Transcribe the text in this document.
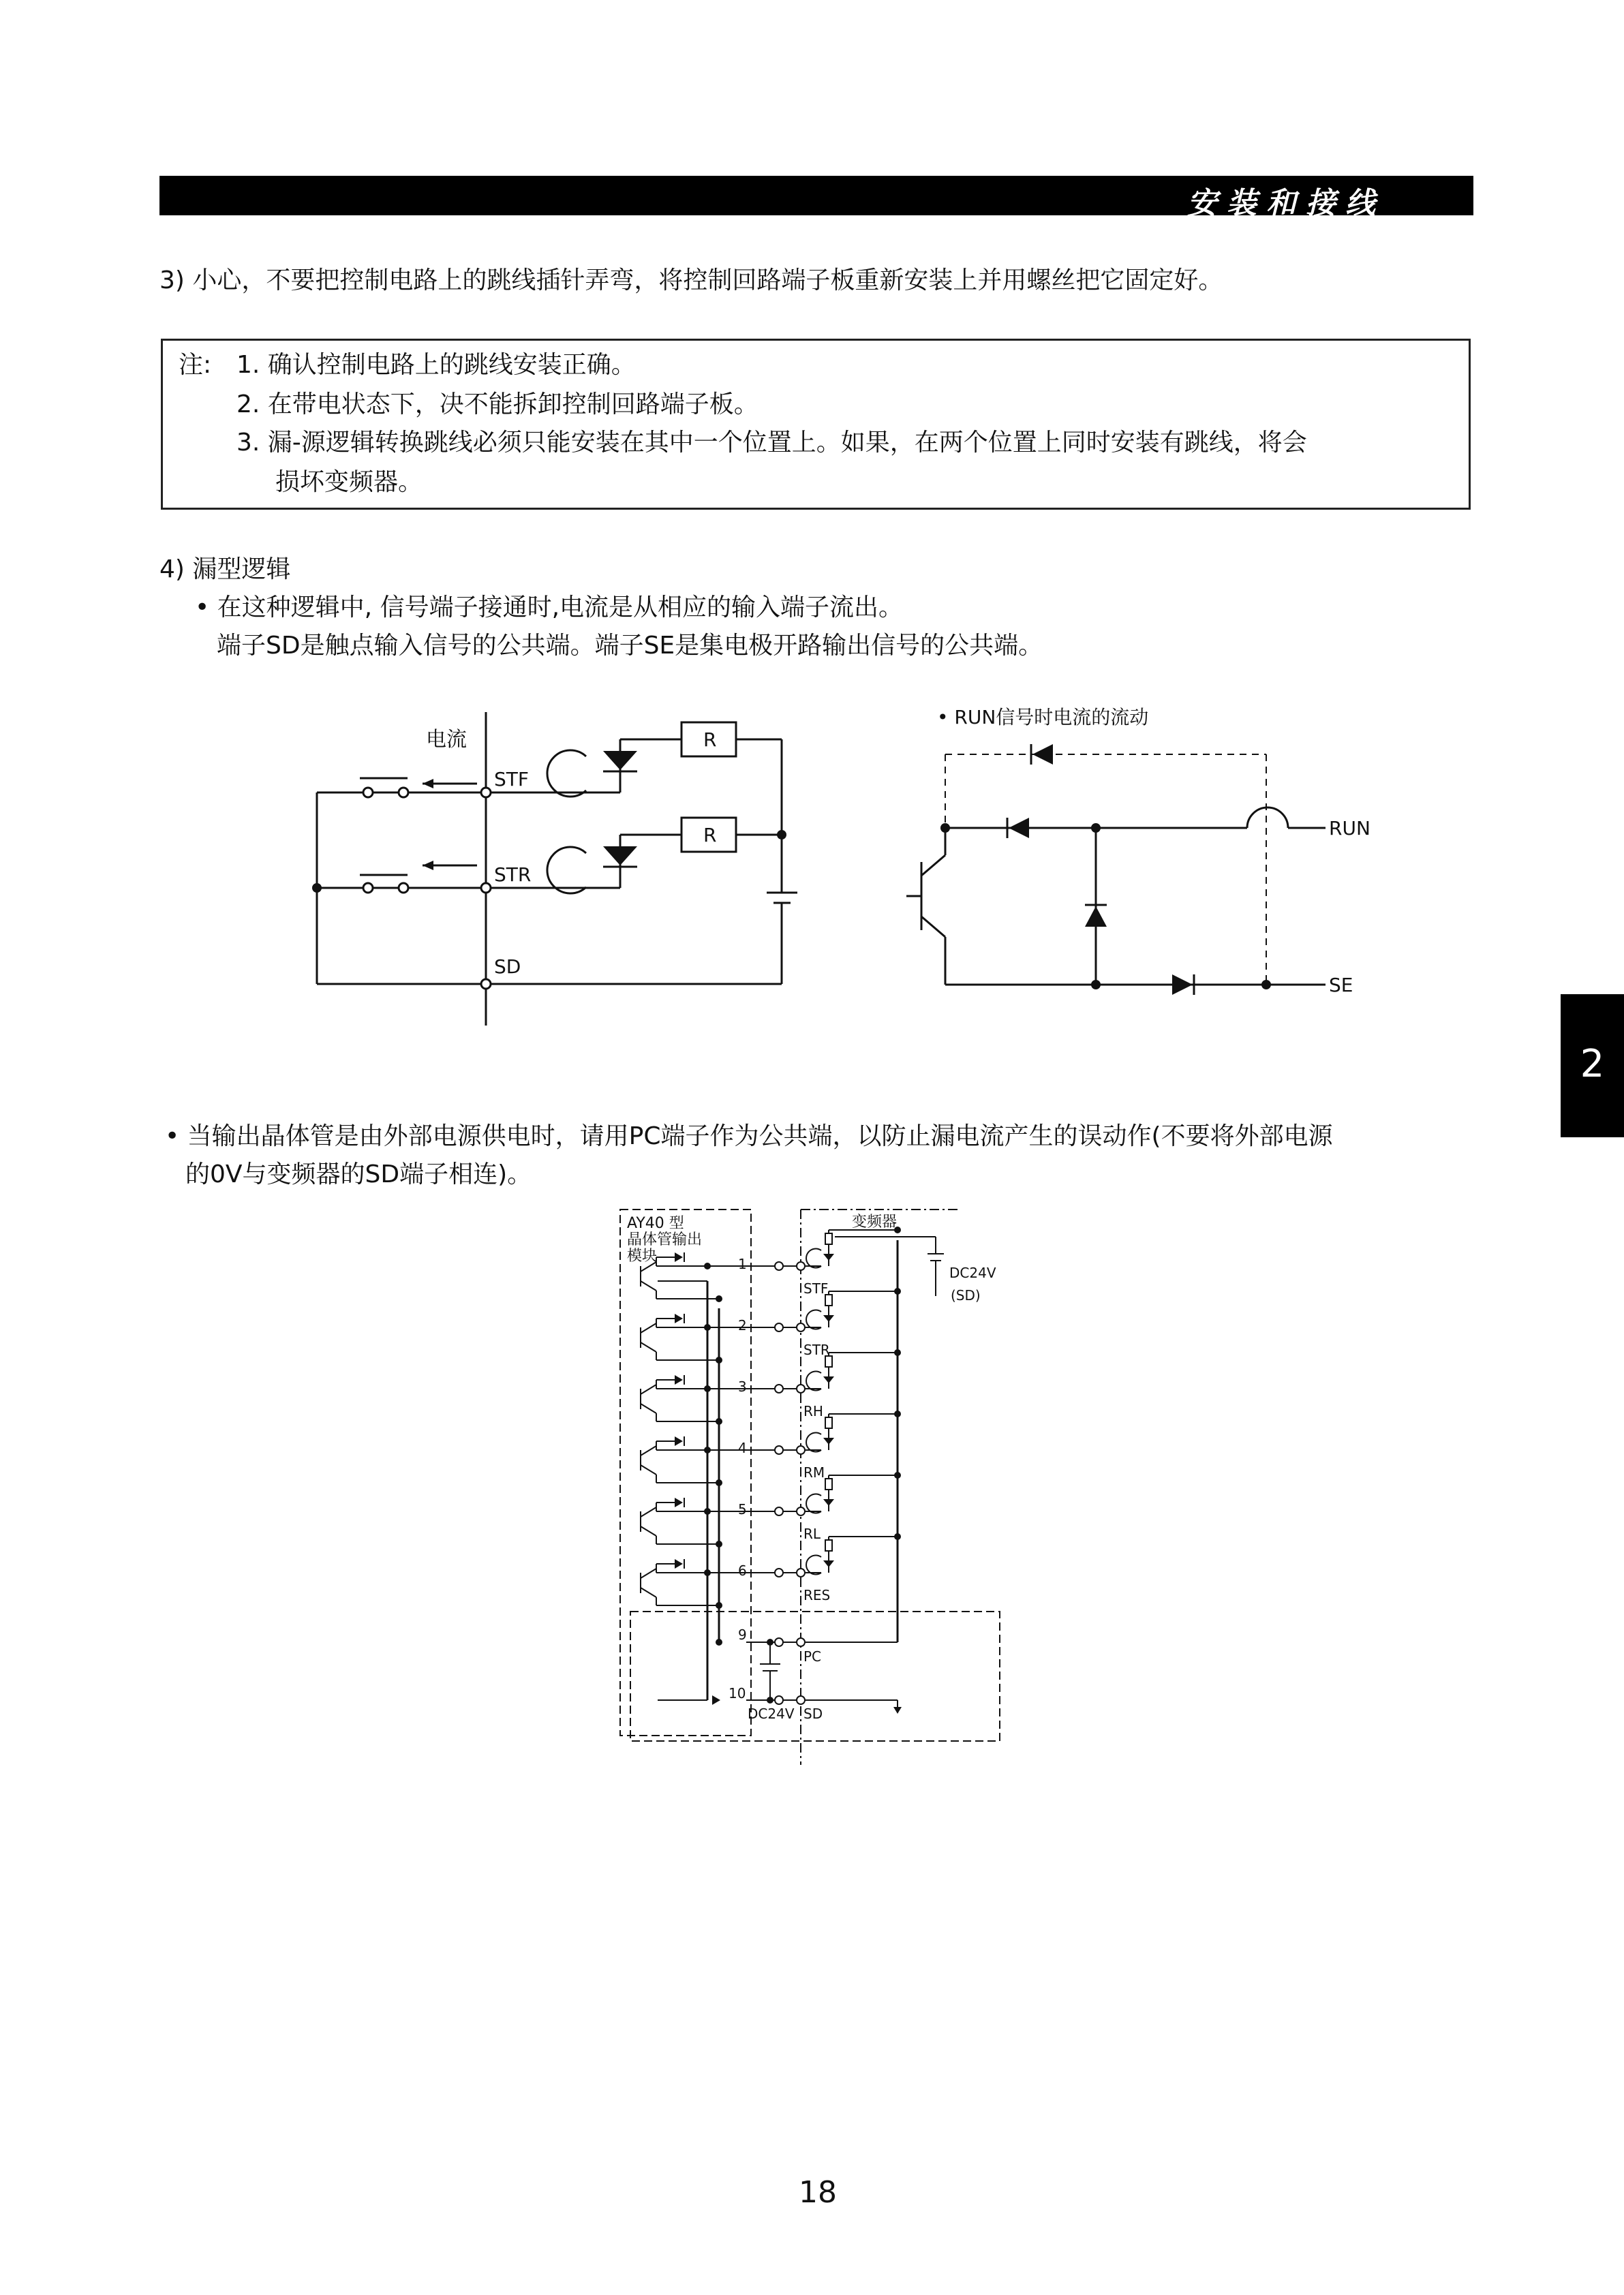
安装和接线
3) 小心，不要把控制电路上的跳线插针弄弯，将控制回路端子板重新安装上并用螺丝把它固定好。
注: 1. 确认控制电路上的跳线安装正确。
2. 在带电状态下，决不能拆卸控制回路端子板。
3. 漏-源逻辑转换跳线必须只能安装在其中一个位置上。如果，在两个位置上同时安装有跳线，将会
损坏变频器。
4) 漏型逻辑
• 在这种逻辑中, 信号端子接通时,电流是从相应的输入端子流出。
端子SD是触点输入信号的公共端。端子SE是集电极开路输出信号的公共端。
电流
STF
STR
SD
R
R
• RUN信号时电流的流动
RUN
SE
• 当输出晶体管是由外部电源供电时，请用PC端子作为公共端，以防止漏电流产生的误动作(不要将外部电源
的0V与变频器的SD端子相连)。
AY40 型
晶体管输出
模块
变频器
DC24V
(SD)
DC24V
9
10
PC
SD
1
2
3
4
5
6
STF
STR
RH
RM
RL
RES
2
18
